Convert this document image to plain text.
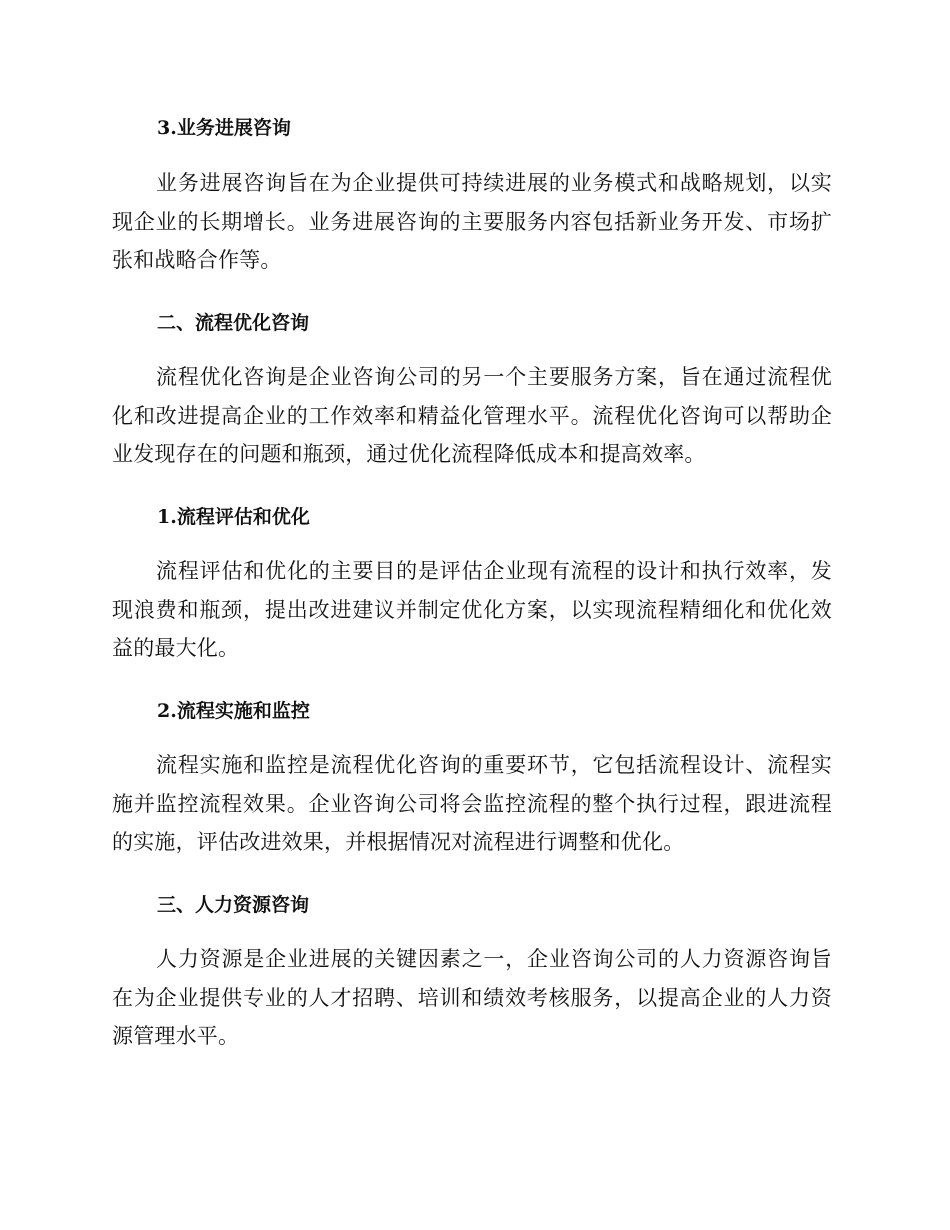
3.业务进展咨询
业务进展咨询旨在为企业提供可持续进展的业务模式和战略规划，以实现企业的长期增长。业务进展咨询的主要服务内容包括新业务开发、市场扩张和战略合作等。
二、流程优化咨询
流程优化咨询是企业咨询公司的另一个主要服务方案，旨在通过流程优化和改进提高企业的工作效率和精益化管理水平。流程优化咨询可以帮助企业发现存在的问题和瓶颈，通过优化流程降低成本和提高效率。
1.流程评估和优化
流程评估和优化的主要目的是评估企业现有流程的设计和执行效率，发现浪费和瓶颈，提出改进建议并制定优化方案，以实现流程精细化和优化效益的最大化。
2.流程实施和监控
流程实施和监控是流程优化咨询的重要环节，它包括流程设计、流程实施并监控流程效果。企业咨询公司将会监控流程的整个执行过程，跟进流程的实施，评估改进效果，并根据情况对流程进行调整和优化。
三、人力资源咨询
人力资源是企业进展的关键因素之一，企业咨询公司的人力资源咨询旨在为企业提供专业的人才招聘、培训和绩效考核服务，以提高企业的人力资源管理水平。
